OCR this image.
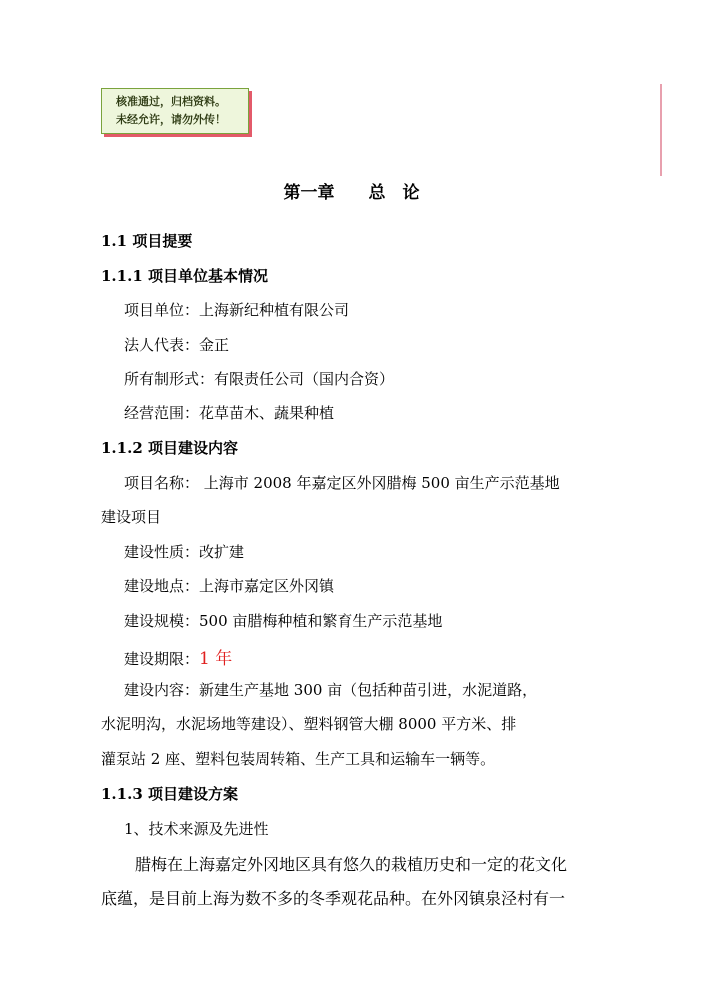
核准通过，归档资料。
未经允许，请勿外传！
第一章　　总　论
1.1 项目提要
1.1.1 项目单位基本情况
项目单位：上海新纪种植有限公司
法人代表：金正
所有制形式：有限责任公司（国内合资）
经营范围：花草苗木、蔬果种植
1.1.2 项目建设内容
项目名称： 上海市 2008 年嘉定区外冈腊梅 500 亩生产示范基地
建设项目
建设性质：改扩建
建设地点：上海市嘉定区外冈镇
建设规模：500 亩腊梅种植和繁育生产示范基地
建设期限：1 年
建设内容：新建生产基地 300 亩（包括种苗引进，水泥道路，
水泥明沟，水泥场地等建设）、塑料钢管大棚 8000 平方米、排
灌泵站 2 座、塑料包装周转箱、生产工具和运输车一辆等。
1.1.3 项目建设方案
1、技术来源及先进性
腊梅在上海嘉定外冈地区具有悠久的栽植历史和一定的花文化
底蕴，是目前上海为数不多的冬季观花品种。在外冈镇泉泾村有一
